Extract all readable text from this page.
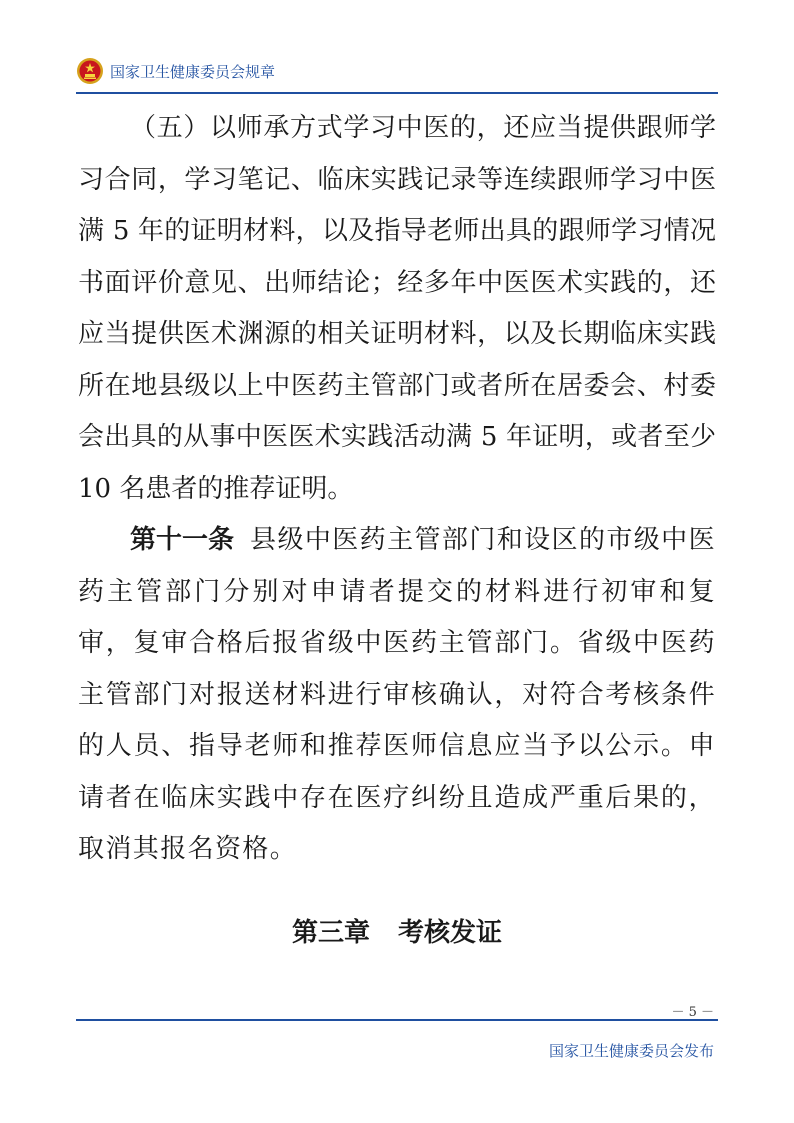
国家卫生健康委员会规章

（五）以师承方式学习中医的，还应当提供跟师学习合同，学习笔记、临床实践记录等连续跟师学习中医满 5 年的证明材料，以及指导老师出具的跟师学习情况书面评价意见、出师结论；经多年中医医术实践的，还应当提供医术渊源的相关证明材料，以及长期临床实践所在地县级以上中医药主管部门或者所在居委会、村委会出具的从事中医医术实践活动满 5 年证明，或者至少 10 名患者的推荐证明。

第十一条 县级中医药主管部门和设区的市级中医药主管部门分别对申请者提交的材料进行初审和复审，复审合格后报省级中医药主管部门。省级中医药主管部门对报送材料进行审核确认，对符合考核条件的人员、指导老师和推荐医师信息应当予以公示。申请者在临床实践中存在医疗纠纷且造成严重后果的，取消其报名资格。

第三章 考核发证
－ 5 －
国家卫生健康委员会发布
